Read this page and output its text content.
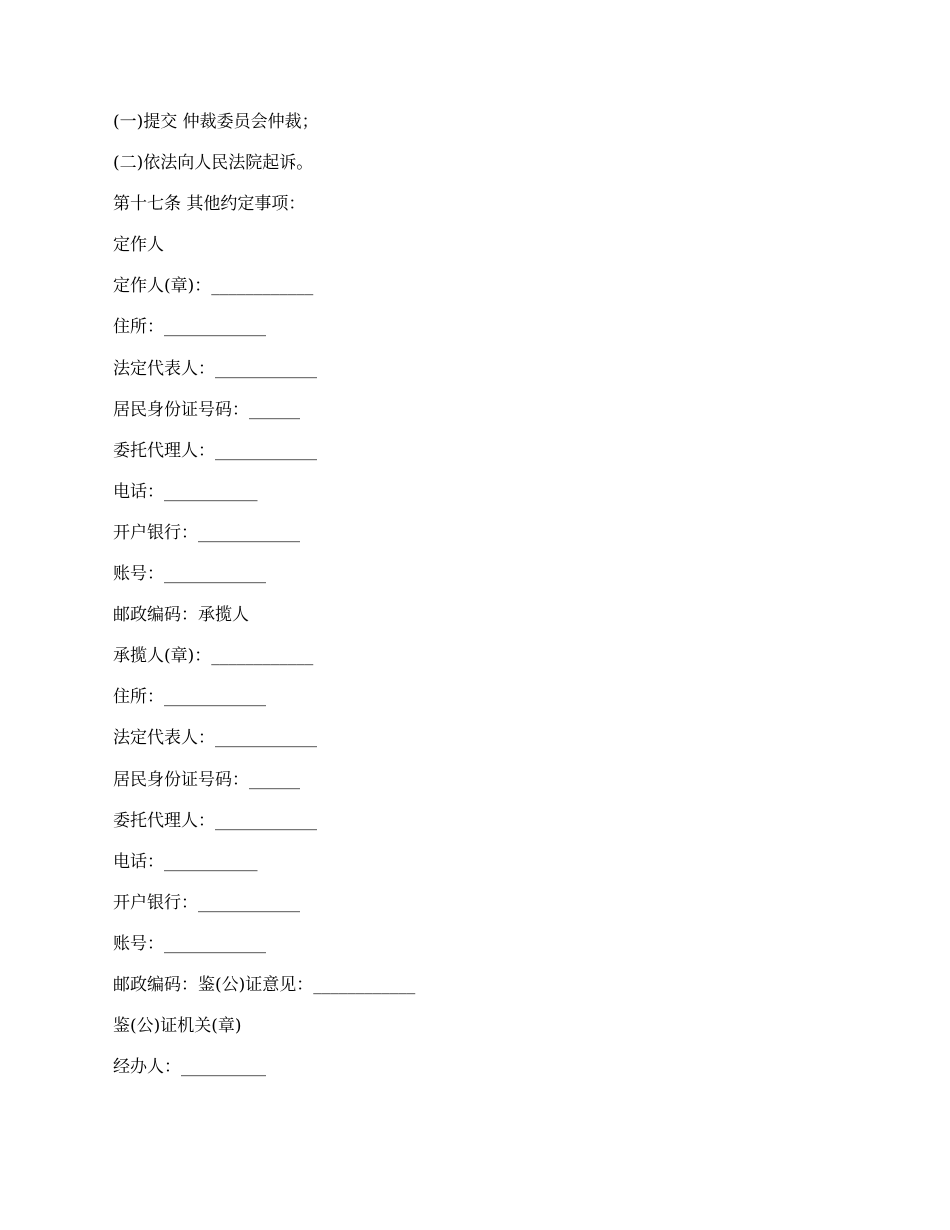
(一)提交 仲裁委员会仲裁；
(二)依法向人民法院起诉。
第十七条 其他约定事项：
定作人
定作人(章)：____________
住所：____________
法定代表人：____________
居民身份证号码：______
委托代理人：____________
电话：___________
开户银行：____________
账号：____________
邮政编码：承揽人
承揽人(章)：____________
住所：____________
法定代表人：____________
居民身份证号码：______
委托代理人：____________
电话：___________
开户银行：____________
账号：____________
邮政编码：鉴(公)证意见：____________
鉴(公)证机关(章)
经办人：__________
